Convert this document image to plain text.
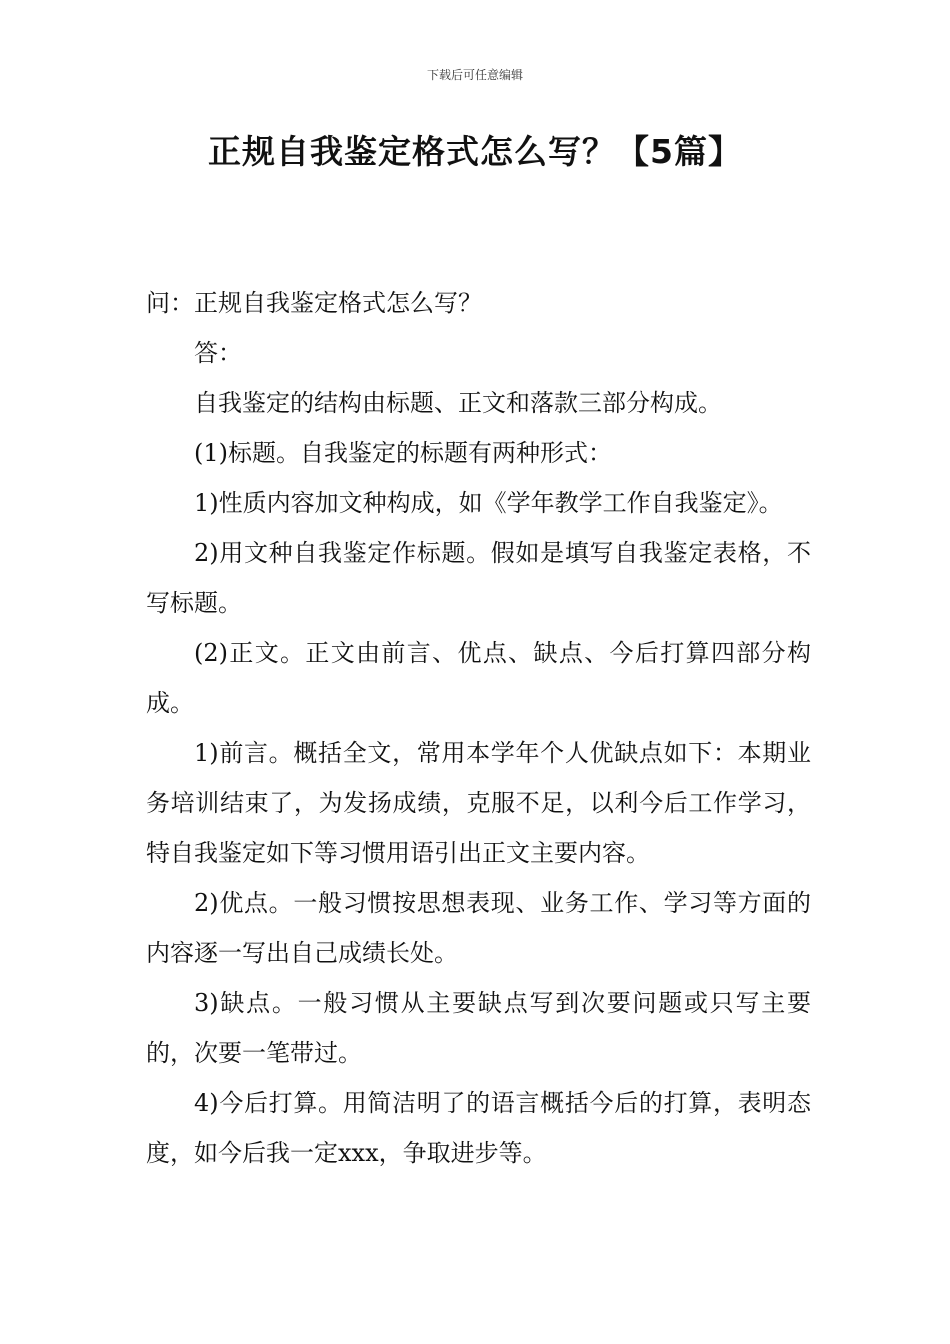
下载后可任意编辑
正规自我鉴定格式怎么写？【5篇】

问：正规自我鉴定格式怎么写？

答：

自我鉴定的结构由标题、正文和落款三部分构成。

(1)标题。自我鉴定的标题有两种形式：

1)性质内容加文种构成，如《学年教学工作自我鉴定》。

2)用文种自我鉴定作标题。假如是填写自我鉴定表格，不写标题。

(2)正文。正文由前言、优点、缺点、今后打算四部分构成。

1)前言。概括全文，常用本学年个人优缺点如下：本期业务培训结束了，为发扬成绩，克服不足，以利今后工作学习，特自我鉴定如下等习惯用语引出正文主要内容。

2)优点。一般习惯按思想表现、业务工作、学习等方面的内容逐一写出自己成绩长处。

3)缺点。一般习惯从主要缺点写到次要问题或只写主要的，次要一笔带过。

4)今后打算。用简洁明了的语言概括今后的打算，表明态度，如今后我一定xxx，争取进步等。
